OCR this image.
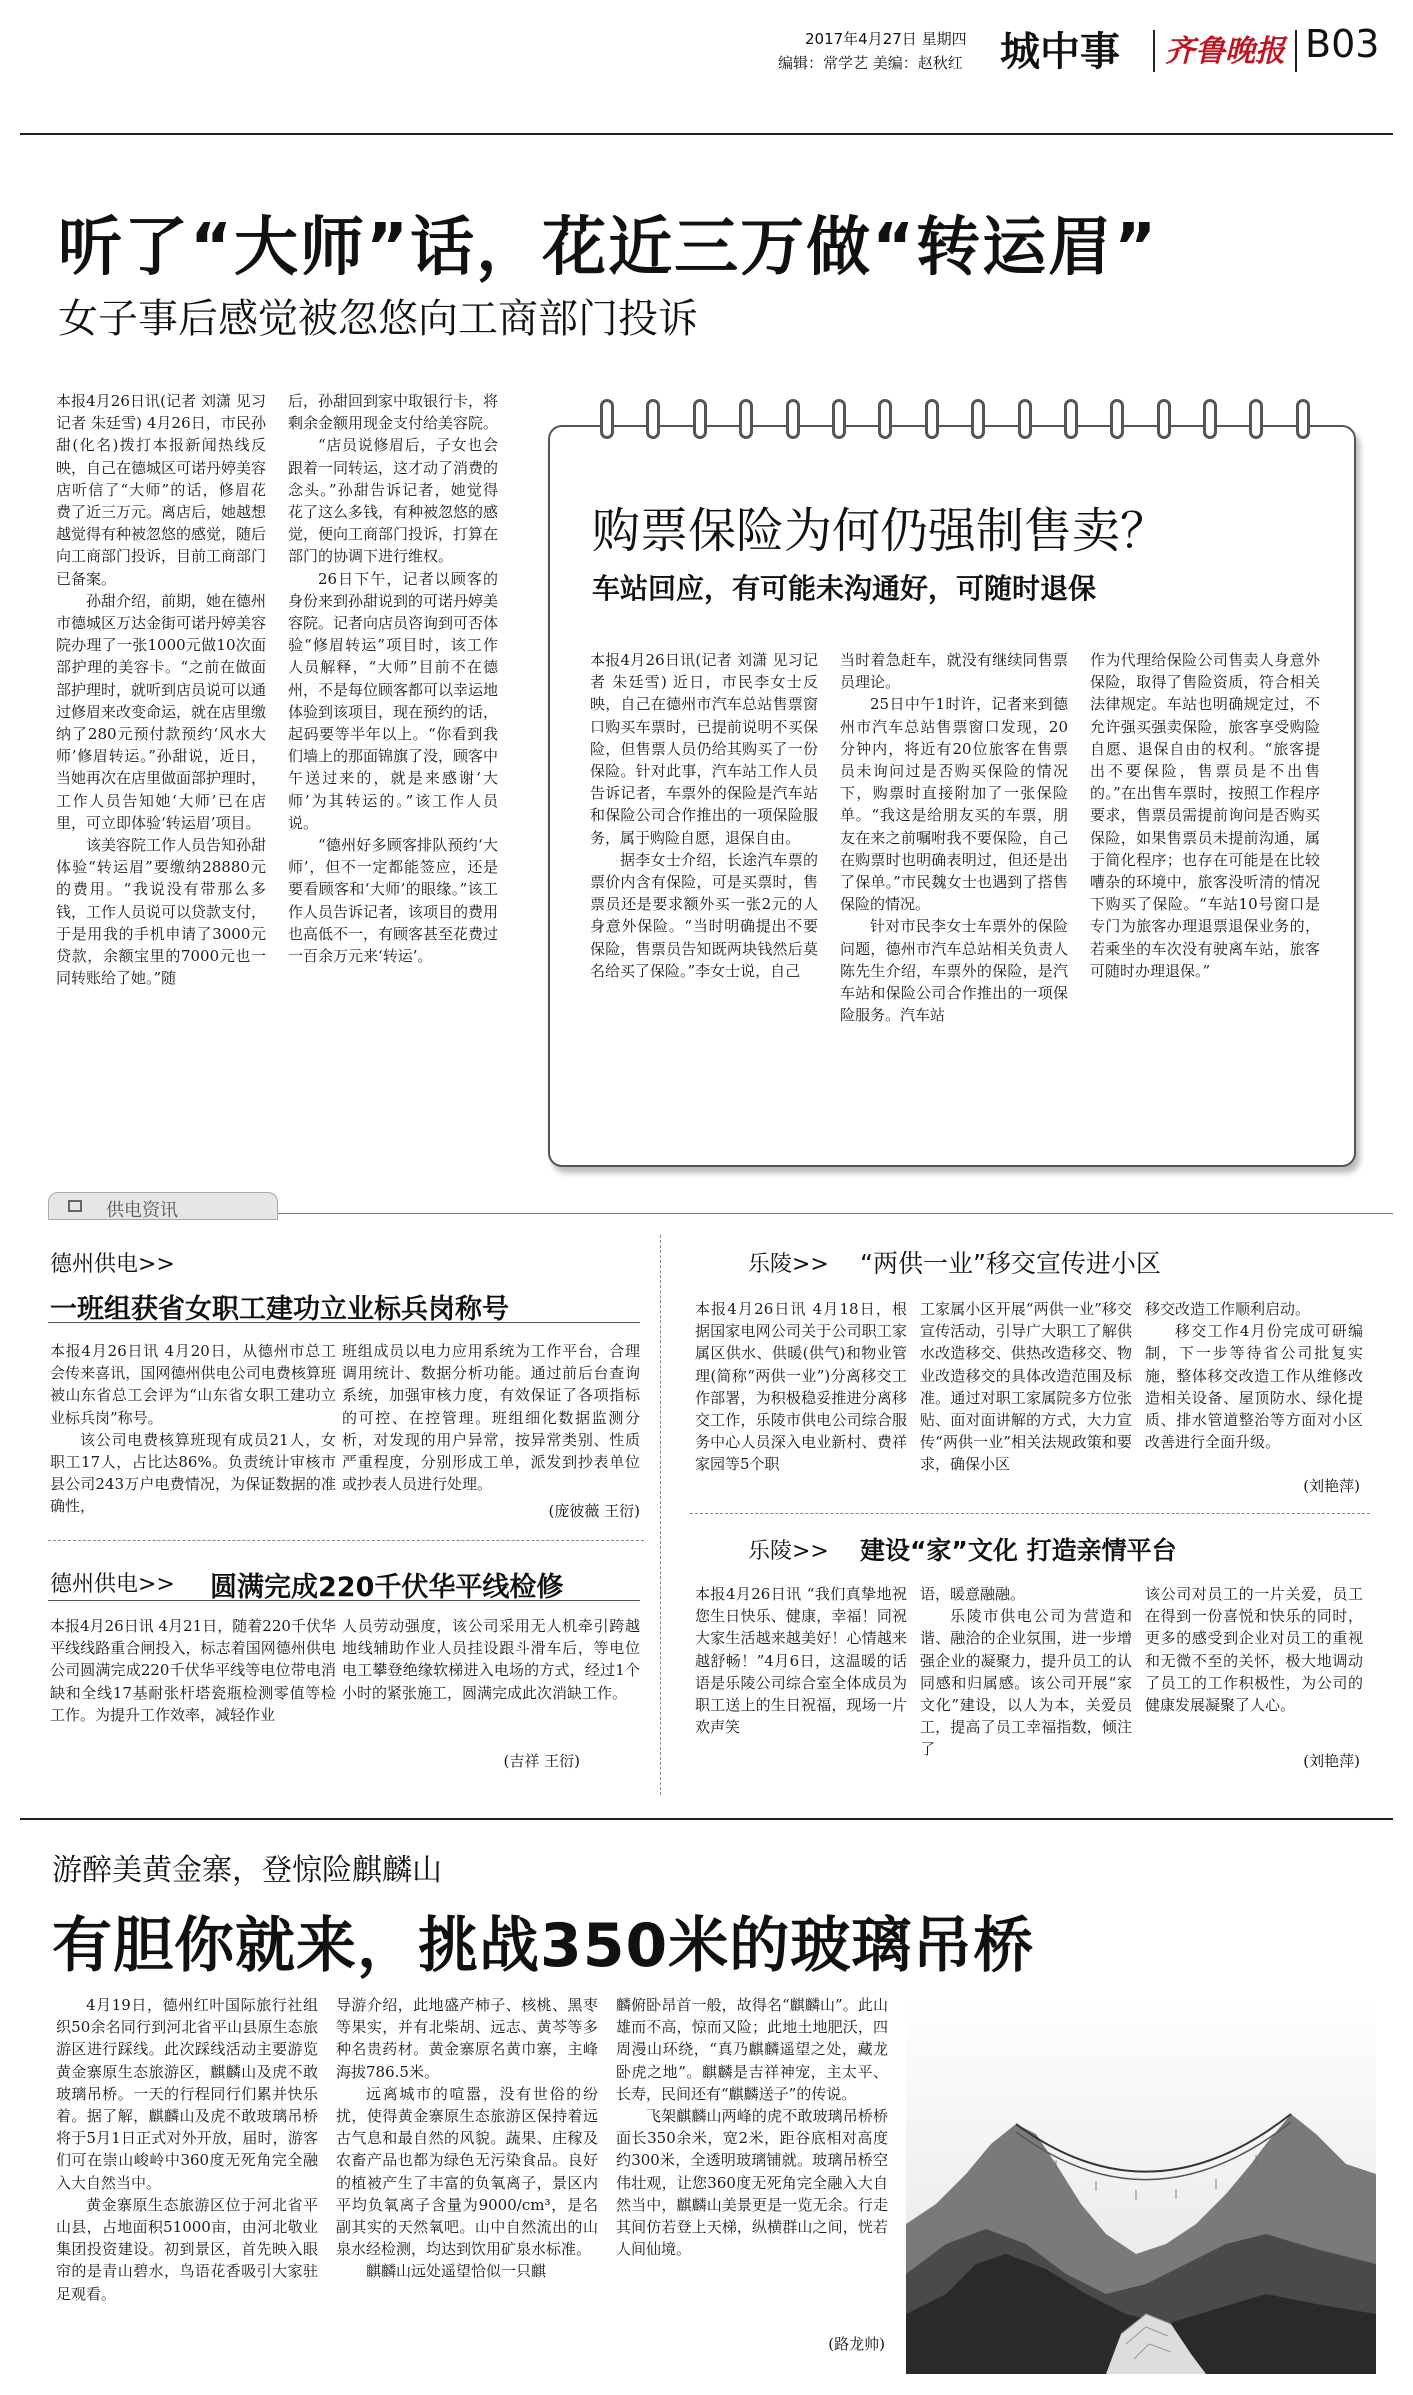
2017年4月27日 星期四
编辑：常学艺 美编：赵秋红 城中事 齐鲁晚报 B03
听了“大师”话，花近三万做“转运眉”
女子事后感觉被忽悠向工商部门投诉

本报4月26日讯(记者 刘潇 见习记者 朱廷雪) 4月26日，市民孙甜(化名)拨打本报新闻热线反映，自己在德城区可诺丹婷美容店听信了“大师”的话，修眉花费了近三万元。离店后，她越想越觉得有种被忽悠的感觉，随后向工商部门投诉，目前工商部门已备案。

孙甜介绍，前期，她在德州市德城区万达金街可诺丹婷美容院办理了一张1000元做10次面部护理的美容卡。“之前在做面部护理时，就听到店员说可以通过修眉来改变命运，就在店里缴纳了280元预付款预约‘风水大师’修眉转运。”孙甜说，近日，当她再次在店里做面部护理时，工作人员告知她‘大师’已在店里，可立即体验‘转运眉’项目。

该美容院工作人员告知孙甜体验“转运眉”要缴纳28880元的费用。“我说没有带那么多钱，工作人员说可以贷款支付，于是用我的手机申请了3000元贷款，余额宝里的7000元也一同转账给了她。”随

后，孙甜回到家中取银行卡，将剩余金额用现金支付给美容院。

“店员说修眉后，子女也会跟着一同转运，这才动了消费的念头。”孙甜告诉记者，她觉得花了这么多钱，有种被忽悠的感觉，便向工商部门投诉，打算在部门的协调下进行维权。

26日下午，记者以顾客的身份来到孙甜说到的可诺丹婷美容院。记者向店员咨询到可否体验“修眉转运”项目时，该工作人员解释，“大师”目前不在德州，不是每位顾客都可以幸运地体验到该项目，现在预约的话，起码要等半年以上。“你看到我们墙上的那面锦旗了没，顾客中午送过来的，就是来感谢‘大师’为其转运的。”该工作人员说。

“德州好多顾客排队预约‘大师’，但不一定都能签应，还是要看顾客和‘大师’的眼缘。”该工作人员告诉记者，该项目的费用也高低不一，有顾客甚至花费过一百余万元来‘转运’。

购票保险为何仍强制售卖？
车站回应，有可能未沟通好，可随时退保

本报4月26日讯(记者 刘潇 见习记者 朱廷雪) 近日，市民李女士反映，自己在德州市汽车总站售票窗口购买车票时，已提前说明不买保险，但售票人员仍给其购买了一份保险。针对此事，汽车站工作人员告诉记者，车票外的保险是汽车站和保险公司合作推出的一项保险服务，属于购险自愿，退保自由。

据李女士介绍，长途汽车票的票价内含有保险，可是买票时，售票员还是要求额外买一张2元的人身意外保险。“当时明确提出不要保险，售票员告知既两块钱然后莫名给买了保险。”李女士说，自己

当时着急赶车，就没有继续同售票员理论。

25日中午1时许，记者来到德州市汽车总站售票窗口发现，20分钟内，将近有20位旅客在售票员未询问过是否购买保险的情况下，购票时直接附加了一张保险单。“我这是给朋友买的车票，朋友在来之前嘱咐我不要保险，自己在购票时也明确表明过，但还是出了保单。”市民魏女士也遇到了搭售保险的情况。

针对市民李女士车票外的保险问题，德州市汽车总站相关负责人陈先生介绍，车票外的保险，是汽车站和保险公司合作推出的一项保险服务。汽车站

作为代理给保险公司售卖人身意外保险，取得了售险资质，符合相关法律规定。车站也明确规定过，不允许强买强卖保险，旅客享受购险自愿、退保自由的权利。“旅客提出不要保险，售票员是不出售的。”在出售车票时，按照工作程序要求，售票员需提前询问是否购买保险，如果售票员未提前沟通，属于简化程序；也存在可能是在比较嘈杂的环境中，旅客没听清的情况下购买了保险。“车站10号窗口是专门为旅客办理退票退保业务的，若乘坐的车次没有驶离车站，旅客可随时办理退保。”

供电资讯
德州供电>>
一班组获省女职工建功立业标兵岗称号

本报4月26日讯 4月20日，从德州市总工会传来喜讯，国网德州供电公司电费核算班被山东省总工会评为“山东省女职工建功立业标兵岗”称号。

该公司电费核算班现有成员21人，女职工17人，占比达86%。负责统计审核市县公司243万户电费情况，为保证数据的准确性，

班组成员以电力应用系统为工作平台，合理调用统计、数据分析功能。通过前后台查询系统，加强审核力度，有效保证了各项指标的可控、在控管理。班组细化数据监测分析，对发现的用户异常，按异常类别、性质严重程度，分别形成工单，派发到抄表单位或抄表人员进行处理。

(庞彼薇 王衍)
德州供电>> 圆满完成220千伏华平线检修

本报4月26日讯 4月21日，随着220千伏华平线线路重合闸投入，标志着国网德州供电公司圆满完成220千伏华平线等电位带电消缺和全线17基耐张杆塔瓷瓶检测零值等检工作。为提升工作效率，减轻作业

人员劳动强度，该公司采用无人机牵引跨越地线辅助作业人员挂设跟斗滑车后，等电位电工攀登绝缘软梯进入电场的方式，经过1个小时的紧张施工，圆满完成此次消缺工作。

(吉祥 王衍)
乐陵>> “两供一业”移交宣传进小区

本报4月26日讯 4月18日，根据国家电网公司关于公司职工家属区供水、供暖(供气)和物业管理(简称“两供一业”)分离移交工作部署，为积极稳妥推进分离移交工作，乐陵市供电公司综合服务中心人员深入电业新村、费祥家园等5个职

工家属小区开展“两供一业”移交宣传活动，引导广大职工了解供水改造移交、供热改造移交、物业改造移交的具体改造范围及标准。通过对职工家属院多方位张贴、面对面讲解的方式，大力宣传“两供一业”相关法规政策和要求，确保小区

移交改造工作顺利启动。

移交工作4月份完成可研编制，下一步等待省公司批复实施，整体移交改造工作从维修改造相关设备、屋顶防水、绿化提质、排水管道整治等方面对小区改善进行全面升级。

(刘艳萍)
乐陵>> 建设“家”文化 打造亲情平台

本报4月26日讯 “我们真挚地祝您生日快乐、健康，幸福！同祝大家生活越来越美好！心情越来越舒畅！”4月6日，这温暖的话语是乐陵公司综合室全体成员为职工送上的生日祝福，现场一片欢声笑

语，暖意融融。

乐陵市供电公司为营造和谐、融洽的企业氛围，进一步增强企业的凝聚力，提升员工的认同感和归属感。该公司开展“家文化”建设，以人为本，关爱员工，提高了员工幸福指数，倾注了

该公司对员工的一片关爱，员工在得到一份喜悦和快乐的同时，更多的感受到企业对员工的重视和无微不至的关怀，极大地调动了员工的工作积极性，为公司的健康发展凝聚了人心。

(刘艳萍)
游醉美黄金寨，登惊险麒麟山
有胆你就来，挑战350米的玻璃吊桥

4月19日，德州红叶国际旅行社组织50余名同行到河北省平山县原生态旅游区进行踩线。此次踩线活动主要游览黄金寨原生态旅游区，麒麟山及虎不敢玻璃吊桥。一天的行程同行们累并快乐着。据了解，麒麟山及虎不敢玻璃吊桥将于5月1日正式对外开放，届时，游客们可在崇山峻岭中360度无死角完全融入大自然当中。

黄金寨原生态旅游区位于河北省平山县，占地面积51000亩，由河北敬业集团投资建设。初到景区，首先映入眼帘的是青山碧水，鸟语花香吸引大家驻足观看。

导游介绍，此地盛产柿子、核桃、黑枣等果实，并有北柴胡、远志、黄芩等多种名贵药材。黄金寨原名黄巾寨，主峰海拔786.5米。

远离城市的喧嚣，没有世俗的纷扰，使得黄金寨原生态旅游区保持着远古气息和最自然的风貌。蔬果、庄稼及农畜产品也都为绿色无污染食品。良好的植被产生了丰富的负氧离子，景区内平均负氧离子含量为9000/cm³，是名副其实的天然氧吧。山中自然流出的山泉水经检测，均达到饮用矿泉水标准。

麒麟山远处遥望恰似一只麒

麟俯卧昂首一般，故得名“麒麟山”。此山雄而不高，惊而又险；此地土地肥沃，四周漫山环绕，“真乃麒麟遥望之处，藏龙卧虎之地”。麒麟是吉祥神宠，主太平、长寿，民间还有“麒麟送子”的传说。

飞架麒麟山两峰的虎不敢玻璃吊桥桥面长350余米，宽2米，距谷底相对高度约300米，全透明玻璃铺就。玻璃吊桥空伟壮观，让您360度无死角完全融入大自然当中，麒麟山美景更是一览无余。行走其间仿若登上天梯，纵横群山之间，恍若人间仙境。

(路龙帅)
